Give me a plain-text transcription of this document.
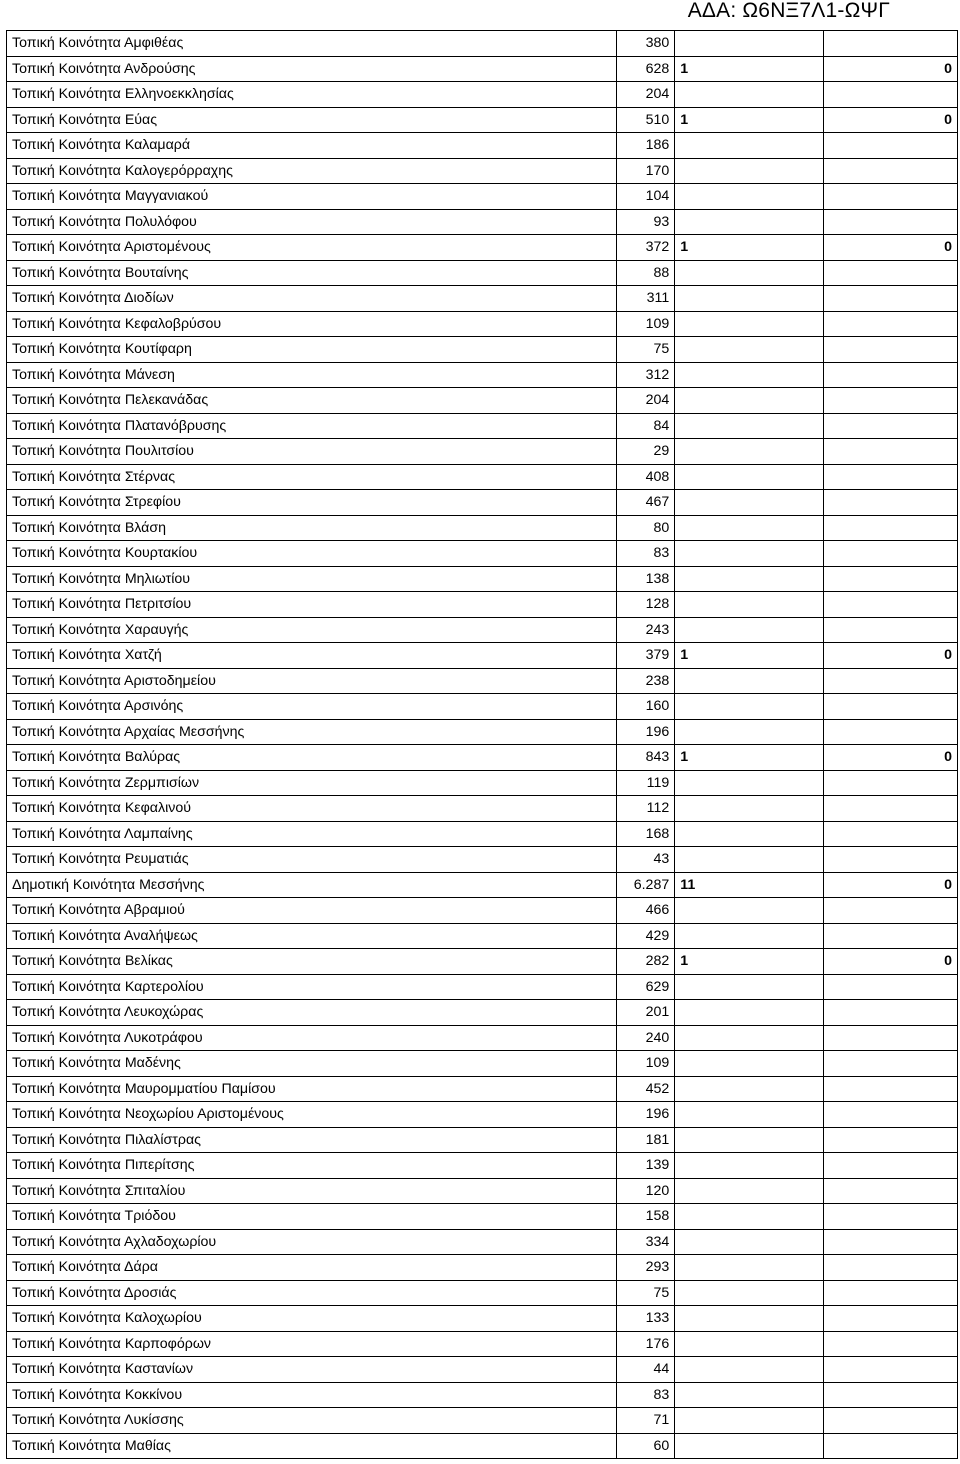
ΑΔΑ: Ω6ΝΞ7Λ1-ΩΨΓ
Τοπική Κοινότητα Αμφιθέας	380		
Τοπική Κοινότητα Ανδρούσης	628	1	0
Τοπική Κοινότητα Ελληνοεκκλησίας	204		
Τοπική Κοινότητα Εύας	510	1	0
Τοπική Κοινότητα Καλαμαρά	186		
Τοπική Κοινότητα Καλογερόρραχης	170		
Τοπική Κοινότητα Μαγγανιακού	104		
Τοπική Κοινότητα Πολυλόφου	93		
Τοπική Κοινότητα Αριστομένους	372	1	0
Τοπική Κοινότητα Βουταίνης	88		
Τοπική Κοινότητα Διοδίων	311		
Τοπική Κοινότητα Κεφαλοβρύσου	109		
Τοπική Κοινότητα Κουτίφαρη	75		
Τοπική Κοινότητα Μάνεση	312		
Τοπική Κοινότητα Πελεκανάδας	204		
Τοπική Κοινότητα Πλατανόβρυσης	84		
Τοπική Κοινότητα Πουλιτσίου	29		
Τοπική Κοινότητα Στέρνας	408		
Τοπική Κοινότητα Στρεφίου	467		
Τοπική Κοινότητα Βλάση	80		
Τοπική Κοινότητα Κουρτακίου	83		
Τοπική Κοινότητα Μηλιωτίου	138		
Τοπική Κοινότητα Πετριτσίου	128		
Τοπική Κοινότητα Χαραυγής	243		
Τοπική Κοινότητα Χατζή	379	1	0
Τοπική Κοινότητα Αριστοδημείου	238		
Τοπική Κοινότητα Αρσινόης	160		
Τοπική Κοινότητα Αρχαίας Μεσσήνης	196		
Τοπική Κοινότητα Βαλύρας	843	1	0
Τοπική Κοινότητα Ζερμπισίων	119		
Τοπική Κοινότητα Κεφαλινού	112		
Τοπική Κοινότητα Λαμπαίνης	168		
Τοπική Κοινότητα Ρευματιάς	43		
Δημοτική Κοινότητα Μεσσήνης	6.287	11	0
Τοπική Κοινότητα Αβραμιού	466		
Τοπική Κοινότητα Αναλήψεως	429		
Τοπική Κοινότητα Βελίκας	282	1	0
Τοπική Κοινότητα Καρτερολίου	629		
Τοπική Κοινότητα Λευκοχώρας	201		
Τοπική Κοινότητα Λυκοτράφου	240		
Τοπική Κοινότητα Μαδένης	109		
Τοπική Κοινότητα Μαυρομματίου Παμίσου	452		
Τοπική Κοινότητα Νεοχωρίου Αριστομένους	196		
Τοπική Κοινότητα Πιλαλίστρας	181		
Τοπική Κοινότητα Πιπερίτσης	139		
Τοπική Κοινότητα Σπιταλίου	120		
Τοπική Κοινότητα Τριόδου	158		
Τοπική Κοινότητα Αχλαδοχωρίου	334		
Τοπική Κοινότητα Δάρα	293		
Τοπική Κοινότητα Δροσιάς	75		
Τοπική Κοινότητα Καλοχωρίου	133		
Τοπική Κοινότητα Καρποφόρων	176		
Τοπική Κοινότητα Καστανίων	44		
Τοπική Κοινότητα Κοκκίνου	83		
Τοπική Κοινότητα Λυκίσσης	71		
Τοπική Κοινότητα Μαθίας	60		
